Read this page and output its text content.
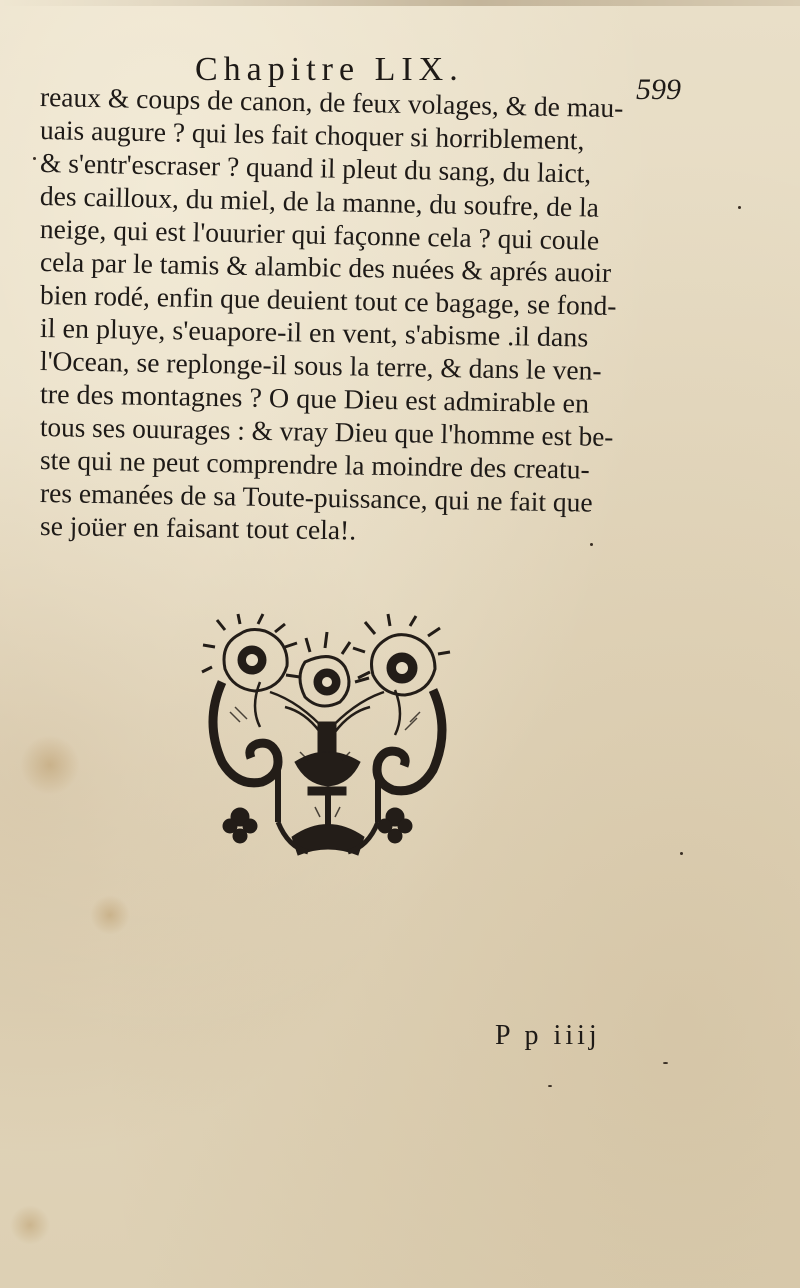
Chapitre LIX.
599
reaux & coups de canon, de feux volages, & de mau-
uais augure ? qui les fait choquer si horriblement,
& s'entr'escraser ? quand il pleut du sang, du laict,
des cailloux, du miel, de la manne, du soufre, de la
neige, qui est l'ouurier qui façonne cela ? qui coule
cela par le tamis & alambic des nuées & aprés auoir
bien rodé, enfin que deuient tout ce bagage, se fond-
il en pluye, s'euapore-il en vent, s'abisme .il dans
l'Ocean, se replonge-il sous la terre, & dans le ven-
tre des montagnes ? O que Dieu est admirable en
tous ses ouurages : & vray Dieu que l'homme est be-
ste qui ne peut comprendre la moindre des creatu-
res emanées de sa Toute-puissance, qui ne fait que
se joüer en faisant tout cela!.
P p iiij
